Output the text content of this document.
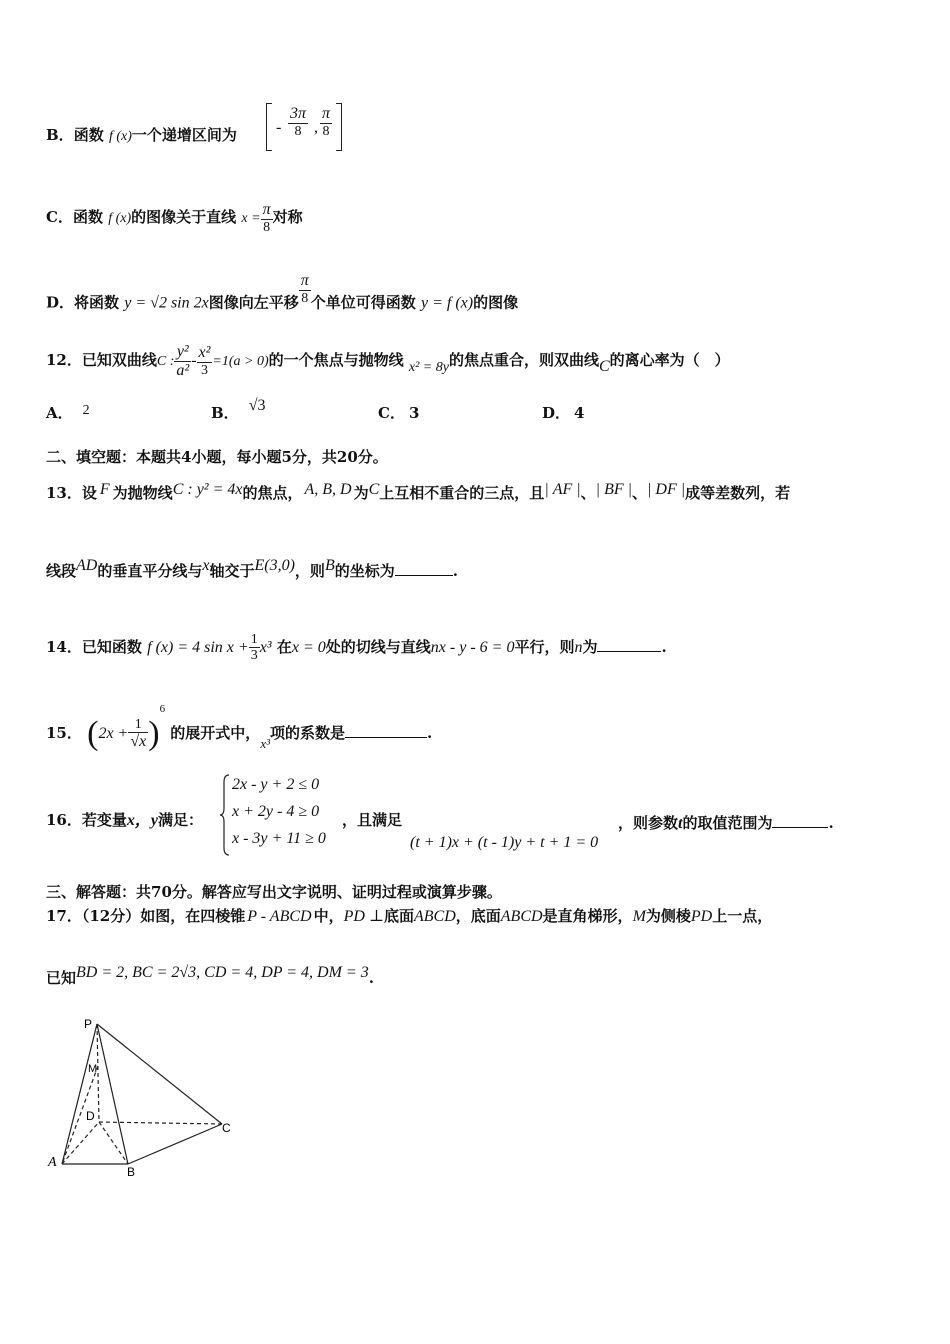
B．函数 f (x)一个递增区间为 - $\frac{3\pi}{8}$ , $\frac{\pi}{8}$
C．函数 f (x)的图像关于直线 $x = \frac{\pi}{8}$ 对称
D．将函数 y = √2 sin 2x图像向左平移 $\frac{\pi}{8}$ 个单位可得函数 y = f (x)的图像
12．已知双曲线C : $\frac{\text{y²}}{\text{a²}} - \frac{\text{x²}}{3} =1(a > 0)$的一个焦点与抛物线 x² = 8y的焦点重合，则双曲线C的离心率为（　）
A． 2	B． √3	C． 3	D． 4
二、填空题：本题共4小题，每小题5分，共20分。
13．设 F 为抛物线C : y² = 4x的焦点， A, B, D 为C上互相不重合的三点，且| AF |、| BF |、| DF |成等差数列，若
线段AD的垂直平分线与x轴交于E(3,0)，则B的坐标为	.
14．已知函数 f (x) = 4 $\sin x + \frac{1}{3} x^3$ 在x = 0处的切线与直线nx - y - 6 = 0平行，则n为	.
15． $(2x + \frac{1}{√x} )^6$ 的展开式中，x³项的系数是	.
16．若变量x，y满足：
2x - y + 2 ≤ 0
x + 2y - 4 ≥ 0
x - 3y + 11 ≥ 0
，且满足
(t + 1)x + (t - 1)y + t + 1 = 0
，则参数t的取值范围为	.
三、解答题：共70分。解答应写出文字说明、证明过程或演算步骤。
17．（12分）如图，在四棱锥 P - ABCD 中，PD ⊥底面ABCD，底面ABCD是直角梯形，M为侧棱PD上一点，
已知BD = 2, BC = 2√3, CD = 4, DP = 4, DM = 3.
P
M
D
A
B
C
